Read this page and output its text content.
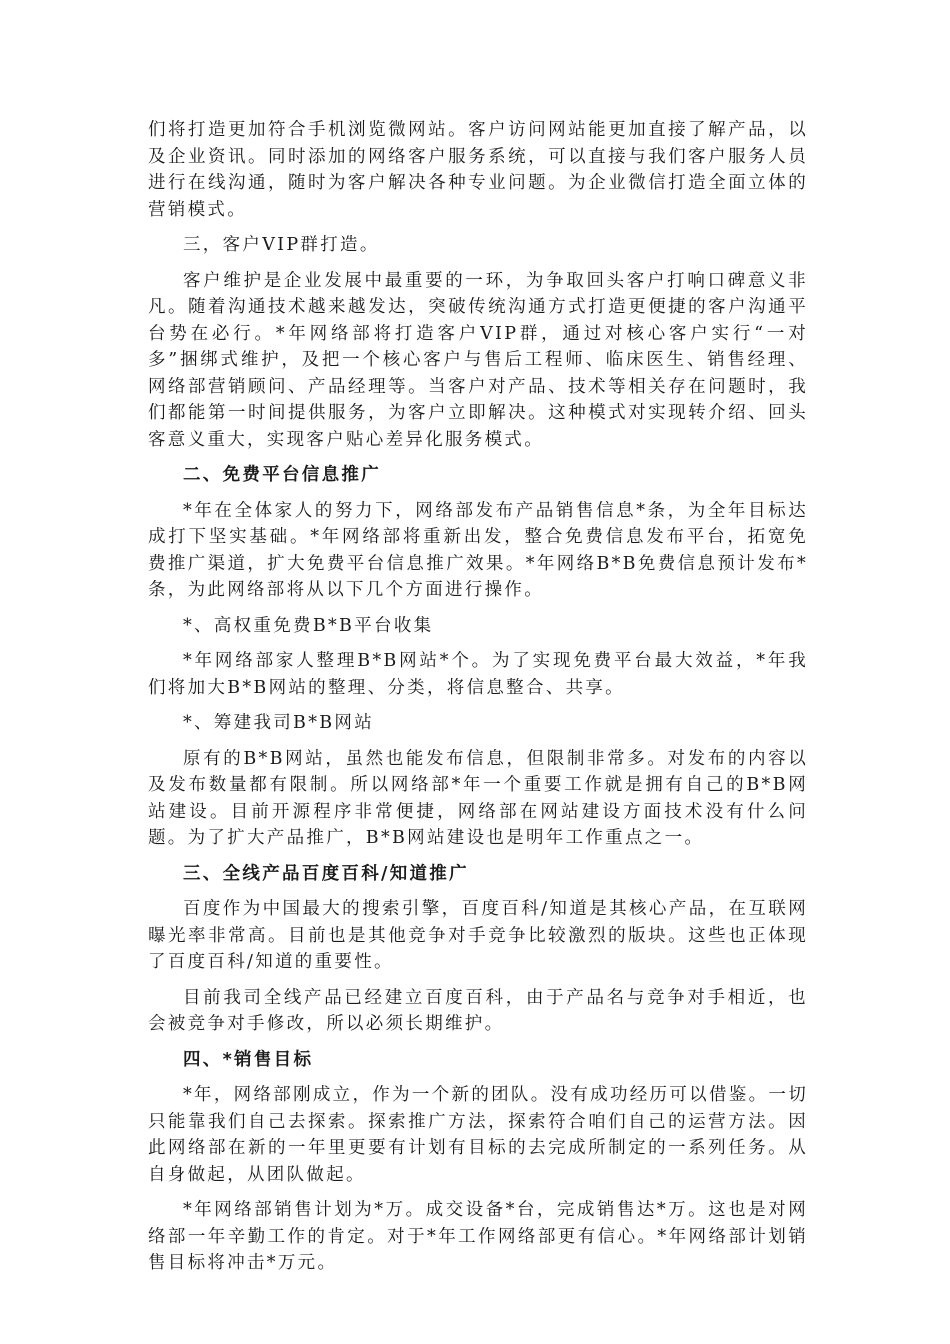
们将打造更加符合手机浏览微网站。客户访问网站能更加直接了解产品，以及企业资讯。同时添加的网络客户服务系统，可以直接与我们客户服务人员进行在线沟通，随时为客户解决各种专业问题。为企业微信打造全面立体的营销模式。

三，客户VIP群打造。

客户维护是企业发展中最重要的一环，为争取回头客户打响口碑意义非凡。随着沟通技术越来越发达，突破传统沟通方式打造更便捷的客户沟通平台势在必行。*年网络部将打造客户VIP群，通过对核心客户实行“一对多”捆绑式维护，及把一个核心客户与售后工程师、临床医生、销售经理、网络部营销顾问、产品经理等。当客户对产品、技术等相关存在问题时，我们都能第一时间提供服务，为客户立即解决。这种模式对实现转介绍、回头客意义重大，实现客户贴心差异化服务模式。

二、免费平台信息推广

*年在全体家人的努力下，网络部发布产品销售信息*条，为全年目标达成打下坚实基础。*年网络部将重新出发，整合免费信息发布平台，拓宽免费推广渠道，扩大免费平台信息推广效果。*年网络B*B免费信息预计发布*条，为此网络部将从以下几个方面进行操作。

*、高权重免费B*B平台收集

*年网络部家人整理B*B网站*个。为了实现免费平台最大效益，*年我们将加大B*B网站的整理、分类，将信息整合、共享。

*、筹建我司B*B网站

原有的B*B网站，虽然也能发布信息，但限制非常多。对发布的内容以及发布数量都有限制。所以网络部*年一个重要工作就是拥有自己的B*B网站建设。目前开源程序非常便捷，网络部在网站建设方面技术没有什么问题。为了扩大产品推广，B*B网站建设也是明年工作重点之一。

三、全线产品百度百科/知道推广

百度作为中国最大的搜索引擎，百度百科/知道是其核心产品，在互联网曝光率非常高。目前也是其他竞争对手竞争比较激烈的版块。这些也正体现了百度百科/知道的重要性。

目前我司全线产品已经建立百度百科，由于产品名与竞争对手相近，也会被竞争对手修改，所以必须长期维护。

四、*销售目标

*年，网络部刚成立，作为一个新的团队。没有成功经历可以借鉴。一切只能靠我们自己去探索。探索推广方法，探索符合咱们自己的运营方法。因此网络部在新的一年里更要有计划有目标的去完成所制定的一系列任务。从自身做起，从团队做起。

*年网络部销售计划为*万。成交设备*台，完成销售达*万。这也是对网络部一年辛勤工作的肯定。对于*年工作网络部更有信心。*年网络部计划销售目标将冲击*万元。
